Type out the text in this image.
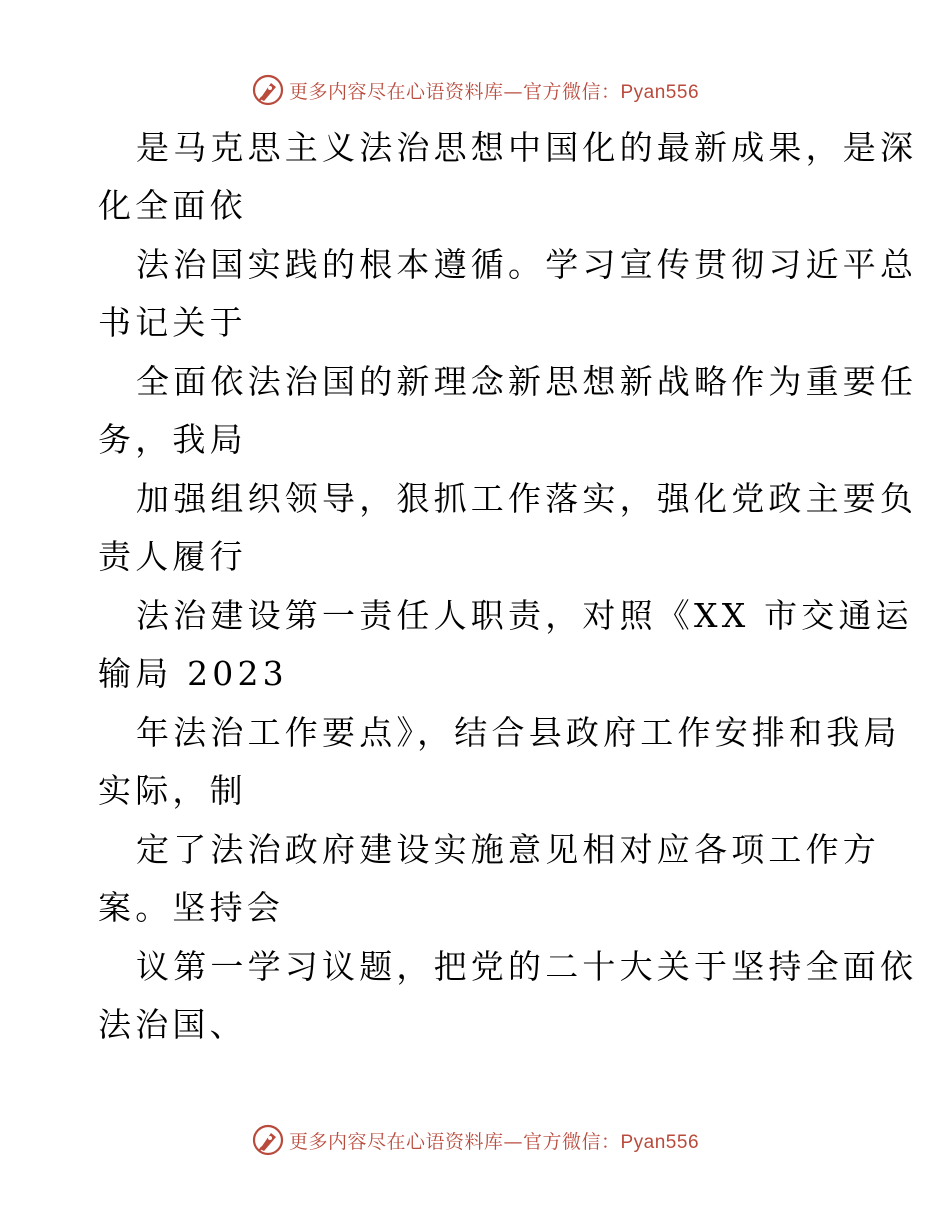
更多内容尽在心语资料库—官方微信：Pyan556
是马克思主义法治思想中国化的最新成果，是深
化全面依
法治国实践的根本遵循。学习宣传贯彻习近平总
书记关于
全面依法治国的新理念新思想新战略作为重要任
务，我局
加强组织领导，狠抓工作落实，强化党政主要负
责人履行
法治建设第一责任人职责，对照《XX 市交通运
输局 2023
年法治工作要点》，结合县政府工作安排和我局
实际，制
定了法治政府建设实施意见相对应各项工作方
案。坚持会
议第一学习议题，把党的二十大关于坚持全面依
法治国、
更多内容尽在心语资料库—官方微信：Pyan556
